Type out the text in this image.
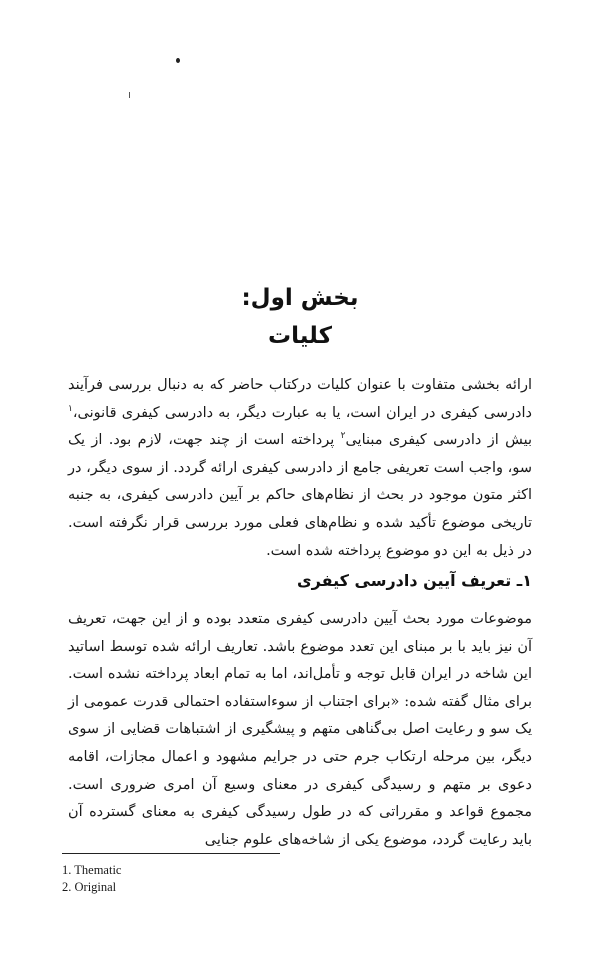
بخش اول:
کلیات

ارائه بخشی متفاوت با عنوان کلیات درکتاب حاضر که به دنبال بررسی فرآیند دادرسی کیفری در ایران است، یا به عبارت دیگر، به دادرسی کیفری قانونی،$^۱$ بیش از دادرسی کیفری مبنایی$^۲$ پرداخته است از چند جهت، لازم بود. از یک سو، واجب است تعریفی جامع از دادرسی کیفری ارائه گردد. از سوی دیگر، در اکثر متون موجود در بحث از نظام‌های حاکم بر آیین دادرسی کیفری، به جنبه تاریخی موضوع تأکید شده و نظام‌های فعلی مورد بررسی قرار نگرفته است. در ذیل به این دو موضوع پرداخته شده است.

۱ـ تعریف آیین دادرسی کیفری

موضوعات مورد بحث آیین دادرسی کیفری متعدد بوده و از این جهت، تعریف آن نیز باید با بر مبنای این تعدد موضوع باشد. تعاریف ارائه شده توسط اساتید این شاخه در ایران قابل توجه و تأمل‌اند، اما به تمام ابعاد پرداخته نشده است. برای مثال گفته شده: «برای اجتناب از سوءاستفاده احتمالی قدرت عمومی از یک سو و رعایت اصل بی‌گناهی متهم و پیشگیری از اشتباهات قضایی از سوی دیگر، بین مرحله ارتکاب جرم حتی در جرایم مشهود و اعمال مجازات، اقامه دعوی بر متهم و رسیدگی کیفری در معنای وسیع آن امری ضروری است. مجموع قواعد و مقرراتی که در طول رسیدگی کیفری به معنای گسترده آن باید رعایت گردد، موضوع یکی از شاخه‌های علوم جنایی

1. Thematic
2. Original
